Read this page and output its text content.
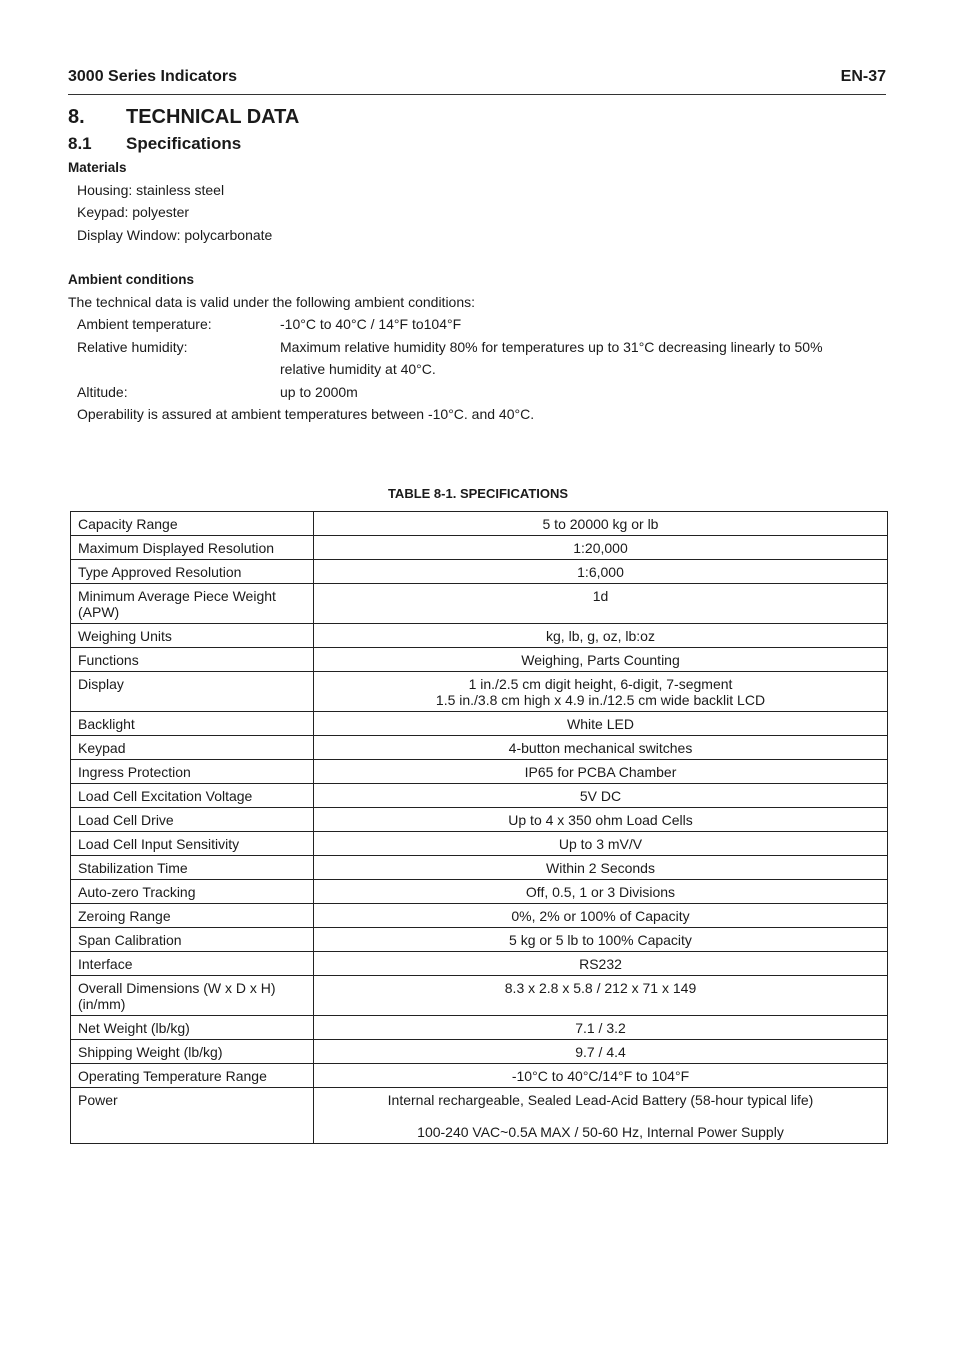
3000 Series Indicators	EN-37
8. TECHNICAL DATA
8.1 Specifications
Materials
Housing: stainless steel
Keypad: polyester
Display Window: polycarbonate
Ambient conditions
The technical data is valid under the following ambient conditions:
Ambient temperature:	-10°C to 40°C / 14°F to104°F
Relative humidity:	Maximum relative humidity 80% for temperatures up to 31°C decreasing linearly to 50% relative humidity at 40°C.
Altitude:	up to 2000m
Operability is assured at ambient temperatures between -10°C. and 40°C.
TABLE 8-1. SPECIFICATIONS
Capacity Range	5 to 20000 kg or lb

Maximum Displayed Resolution	1:20,000

Type Approved Resolution	1:6,000

Minimum Average Piece Weight (APW)	1d

Weighing Units	kg, lb, g, oz, lb:oz

Functions	Weighing, Parts Counting

Display	1 in./2.5 cm digit height, 6-digit, 7-segment
1.5 in./3.8 cm high x 4.9 in./12.5 cm wide backlit LCD

Backlight	White LED

Keypad	4-button mechanical switches

Ingress Protection	IP65 for PCBA Chamber

Load Cell Excitation Voltage	5V DC

Load Cell Drive	Up to 4 x 350 ohm Load Cells

Load Cell Input Sensitivity	Up to 3 mV/V

Stabilization Time	Within 2 Seconds

Auto-zero Tracking	Off, 0.5, 1 or 3 Divisions

Zeroing Range	0%, 2% or 100% of Capacity

Span Calibration	5 kg or 5 lb to 100% Capacity

Interface	RS232

Overall Dimensions (W x D x H) (in/mm)	8.3 x 2.8 x 5.8 / 212 x 71 x 149

Net Weight (lb/kg)	7.1 / 3.2

Shipping Weight (lb/kg)	9.7 / 4.4

Operating Temperature Range	-10°C to 40°C/14°F to 104°F

Power	Internal rechargeable, Sealed Lead-Acid Battery (58-hour typical life)
100-240 VAC~0.5A MAX / 50-60 Hz, Internal Power Supply
